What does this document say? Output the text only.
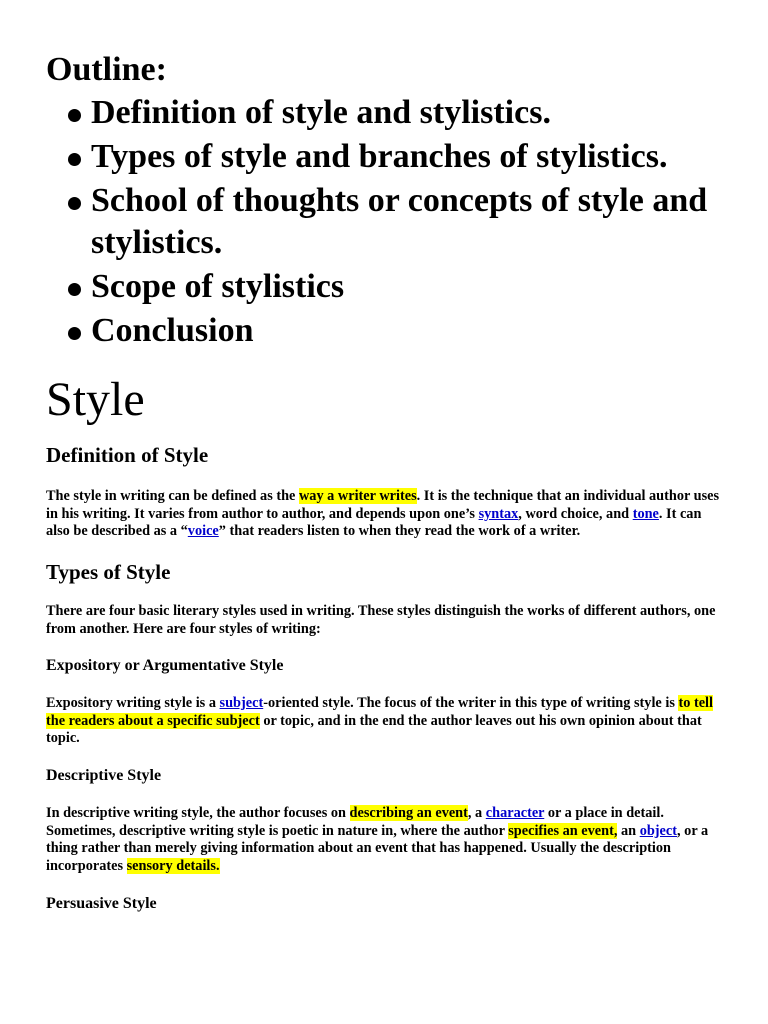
Outline:
Definition of style and stylistics.
Types of style and branches of stylistics.
School of thoughts or concepts of style and stylistics.
Scope of stylistics
Conclusion
Style
Definition of Style

The style in writing can be defined as the way a writer writes. It is the technique that an individual author uses in his writing. It varies from author to author, and depends upon one’s syntax, word choice, and tone. It can also be described as a “voice” that readers listen to when they read the work of a writer.

Types of Style

There are four basic literary styles used in writing. These styles distinguish the works of different authors, one from another. Here are four styles of writing:

Expository or Argumentative Style

Expository writing style is a subject-oriented style. The focus of the writer in this type of writing style is to tell the readers about a specific subject or topic, and in the end the author leaves out his own opinion about that topic.

Descriptive Style

In descriptive writing style, the author focuses on describing an event, a character or a place in detail. Sometimes, descriptive writing style is poetic in nature in, where the author specifies an event, an object, or a thing rather than merely giving information about an event that has happened. Usually the description incorporates sensory details.

Persuasive Style
